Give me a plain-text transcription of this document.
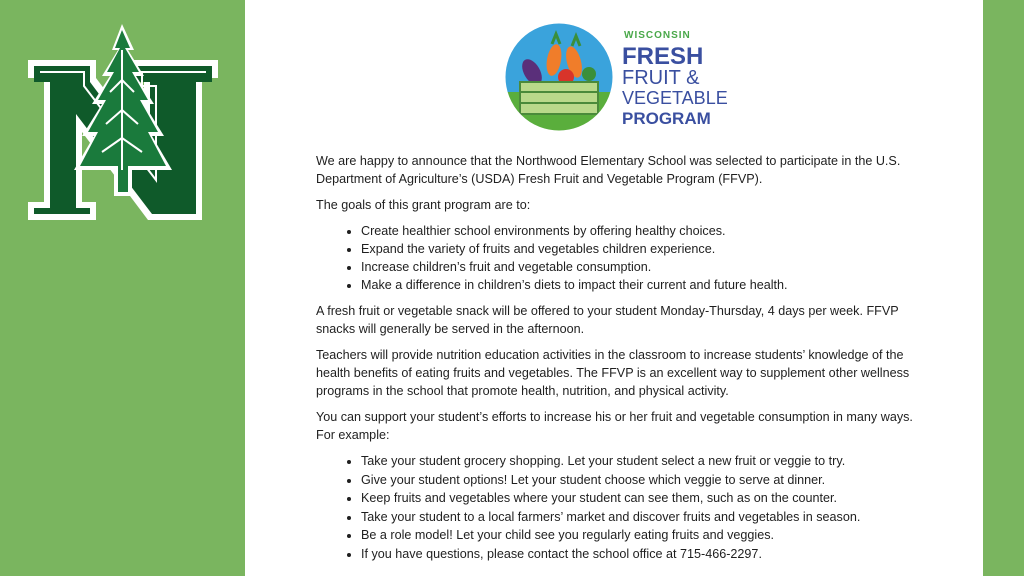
WISCONSIN
FRESH
FRUIT &
VEGETABLE
PROGRAM

We are happy to announce that the Northwood Elementary School was selected to participate in the U.S. Department of Agriculture’s (USDA) Fresh Fruit and Vegetable Program (FFVP).

The goals of this grant program are to:

• Create healthier school environments by offering healthy choices.
• Expand the variety of fruits and vegetables children experience.
• Increase children’s fruit and vegetable consumption.
• Make a difference in children’s diets to impact their current and future health.

A fresh fruit or vegetable snack will be offered to your student Monday-Thursday, 4 days per week. FFVP snacks will generally be served in the afternoon.

Teachers will provide nutrition education activities in the classroom to increase students’ knowledge of the health benefits of eating fruits and vegetables. The FFVP is an excellent way to supplement other wellness programs in the school that promote health, nutrition, and physical activity.

You can support your student’s efforts to increase his or her fruit and vegetable consumption in many ways. For example:

• Take your student grocery shopping. Let your student select a new fruit or veggie to try.
• Give your student options! Let your student choose which veggie to serve at dinner.
• Keep fruits and vegetables where your student can see them, such as on the counter.
• Take your student to a local farmers’ market and discover fruits and vegetables in season.
• Be a role model! Let your child see you regularly eating fruits and veggies.
• If you have questions, please contact the school office at 715-466-2297.
